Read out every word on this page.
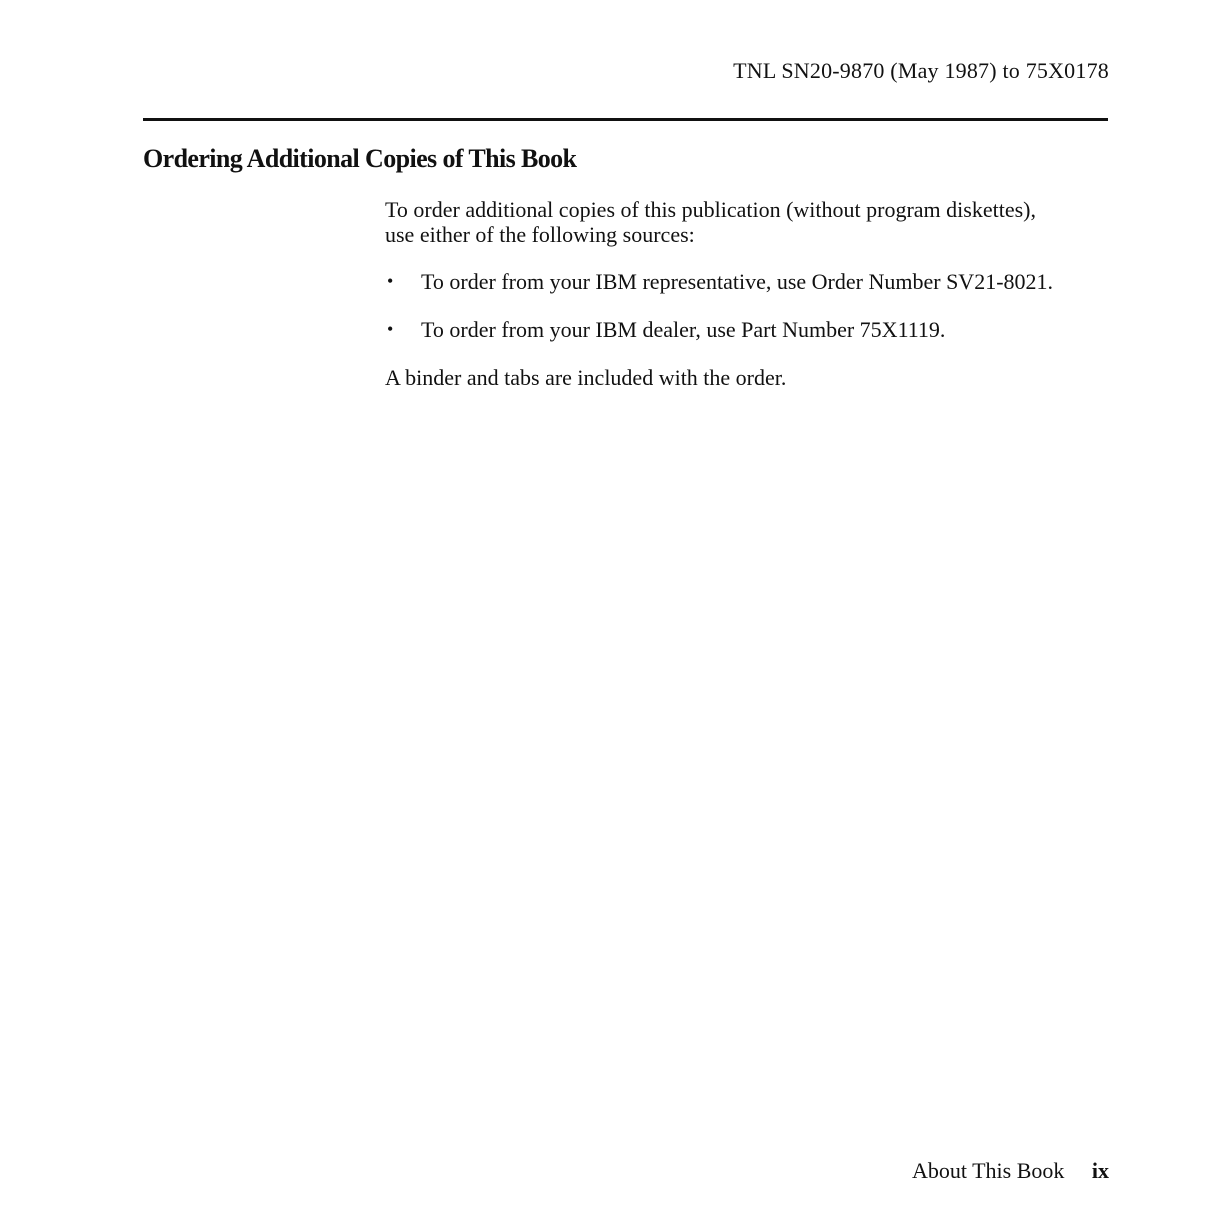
TNL SN20-9870 (May 1987) to 75X0178
Ordering Additional Copies of This Book

To order additional copies of this publication (without program diskettes),
use either of the following sources:

• To order from your IBM representative, use Order Number SV21-8021.
• To order from your IBM dealer, use Part Number 75X1119.

A binder and tabs are included with the order.

About This Book ix
